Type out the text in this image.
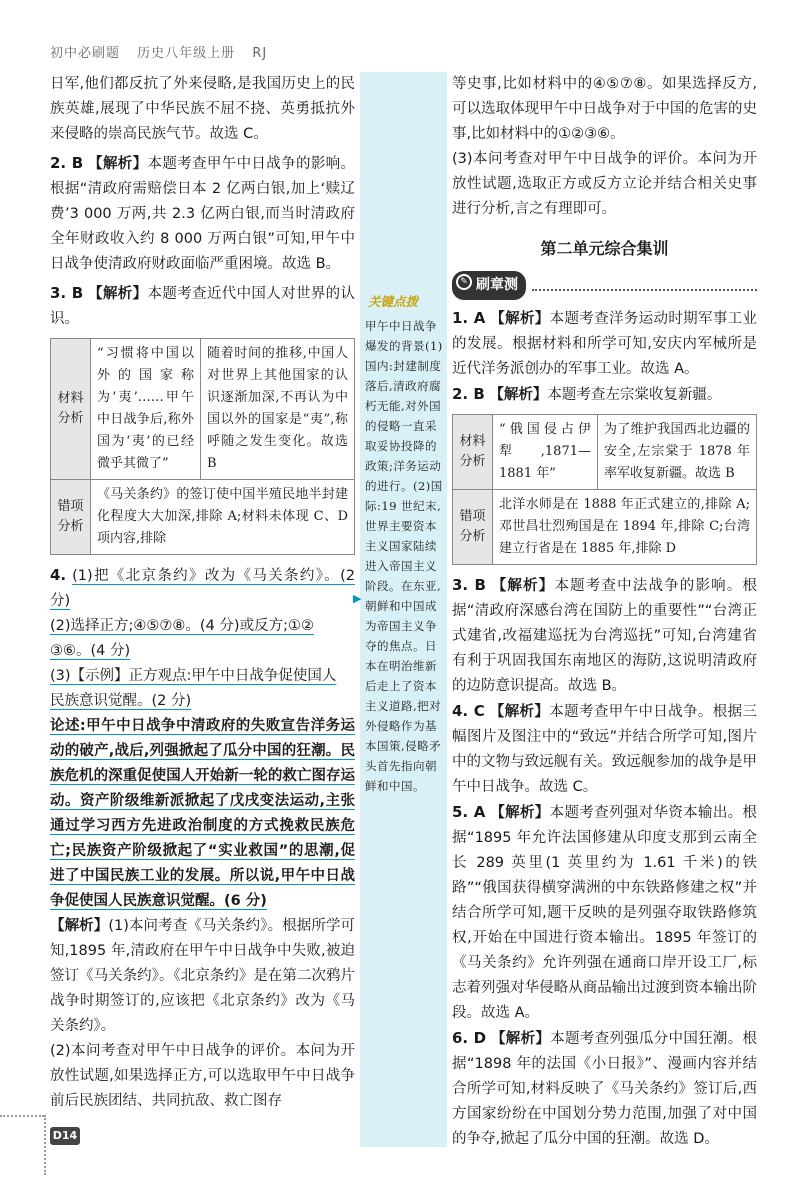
初中必刷题 历史八年级上册 RJ
关键点拨
甲午中日战争爆发的背景(1)国内:封建制度落后,清政府腐朽无能,对外国的侵略一直采取妥协投降的政策;洋务运动的进行。(2)国际:19 世纪末,世界主要资本主义国家陆续进入帝国主义阶段。在东亚,朝鲜和中国成为帝国主义争夺的焦点。日本在明治维新后走上了资本主义道路,把对外侵略作为基本国策,侵略矛头首先指向朝鲜和中国。
▶

日军,他们都反抗了外来侵略,是我国历史上的民族英雄,展现了中华民族不屈不挠、英勇抵抗外来侵略的崇高民族气节。故选 C。

2. B 【解析】本题考查甲午中日战争的影响。根据“清政府需赔偿日本 2 亿两白银,加上‘赎辽费’3 000 万两,共 2.3 亿两白银,而当时清政府全年财政收入约 8 000 万两白银”可知,甲午中日战争使清政府财政面临严重困境。故选 B。

3. B 【解析】本题考查近代中国人对世界的认识。

材料分析	“习惯将中国以外的国家称为‘夷’……甲午中日战争后,称外国为‘夷’的已经微乎其微了”	随着时间的推移,中国人对世界上其他国家的认识逐渐加深,不再认为中国以外的国家是“夷”,称呼随之发生变化。故选 B
错项分析	《马关条约》的签订使中国半殖民地半封建化程度大大加深,排除 A;材料未体现 C、D 项内容,排除	

4. (1)把《北京条约》改为《马关条约》。(2 分)

(2)选择正方;④⑤⑦⑧。(4 分)或反方;①②

③⑥。(4 分)

(3)【示例】正方观点:甲午中日战争促使国人

民族意识觉醒。(2 分)

论述:甲午中日战争中清政府的失败宣告洋务运动的破产,战后,列强掀起了瓜分中国的狂潮。民族危机的深重促使国人开始新一轮的救亡图存运动。资产阶级维新派掀起了戊戌变法运动,主张通过学习西方先进政治制度的方式挽救民族危亡;民族资产阶级掀起了“实业救国”的思潮,促进了中国民族工业的发展。所以说,甲午中日战争促使国人民族意识觉醒。(6 分)

【解析】(1)本问考查《马关条约》。根据所学可知,1895 年,清政府在甲午中日战争中失败,被迫签订《马关条约》。《北京条约》是在第二次鸦片战争时期签订的,应该把《北京条约》改为《马关条约》。

(2)本问考查对甲午中日战争的评价。本问为开放性试题,如果选择正方,可以选取甲午中日战争前后民族团结、共同抗敌、救亡图存

等史事,比如材料中的④⑤⑦⑧。如果选择反方,可以选取体现甲午中日战争对于中国的危害的史事,比如材料中的①②③⑥。

(3)本问考查对甲午中日战争的评价。本问为开放性试题,选取正方或反方立论并结合相关史事进行分析,言之有理即可。

第二单元综合集训
✎ 刷章测

1. A 【解析】本题考查洋务运动时期军事工业的发展。根据材料和所学可知,安庆内军械所是近代洋务派创办的军事工业。故选 A。

2. B 【解析】本题考查左宗棠收复新疆。

材料分析	“俄国侵占伊犁,1871—1881 年”	为了维护我国西北边疆的安全,左宗棠于 1878 年率军收复新疆。故选 B
错项分析	北洋水师是在 1888 年正式建立的,排除 A;邓世昌壮烈殉国是在 1894 年,排除 C;台湾建立行省是在 1885 年,排除 D	

3. B 【解析】本题考查中法战争的影响。根据“清政府深感台湾在国防上的重要性”“台湾正式建省,改福建巡抚为台湾巡抚”可知,台湾建省有利于巩固我国东南地区的海防,这说明清政府的边防意识提高。故选 B。

4. C 【解析】本题考查甲午中日战争。根据三幅图片及图注中的“致远”并结合所学可知,图片中的文物与致远舰有关。致远舰参加的战争是甲午中日战争。故选 C。

5. A 【解析】本题考查列强对华资本输出。根据“1895 年允许法国修建从印度支那到云南全长 289 英里(1 英里约为 1.61 千米)的铁路”“俄国获得横穿满洲的中东铁路修建之权”并结合所学可知,题干反映的是列强夺取铁路修筑权,开始在中国进行资本输出。1895 年签订的《马关条约》允许列强在通商口岸开设工厂,标志着列强对华侵略从商品输出过渡到资本输出阶段。故选 A。

6. D 【解析】本题考查列强瓜分中国狂潮。根据“1898 年的法国《小日报》”、漫画内容并结合所学可知,材料反映了《马关条约》签订后,西方国家纷纷在中国划分势力范围,加强了对中国的争夺,掀起了瓜分中国的狂潮。故选 D。

D14
